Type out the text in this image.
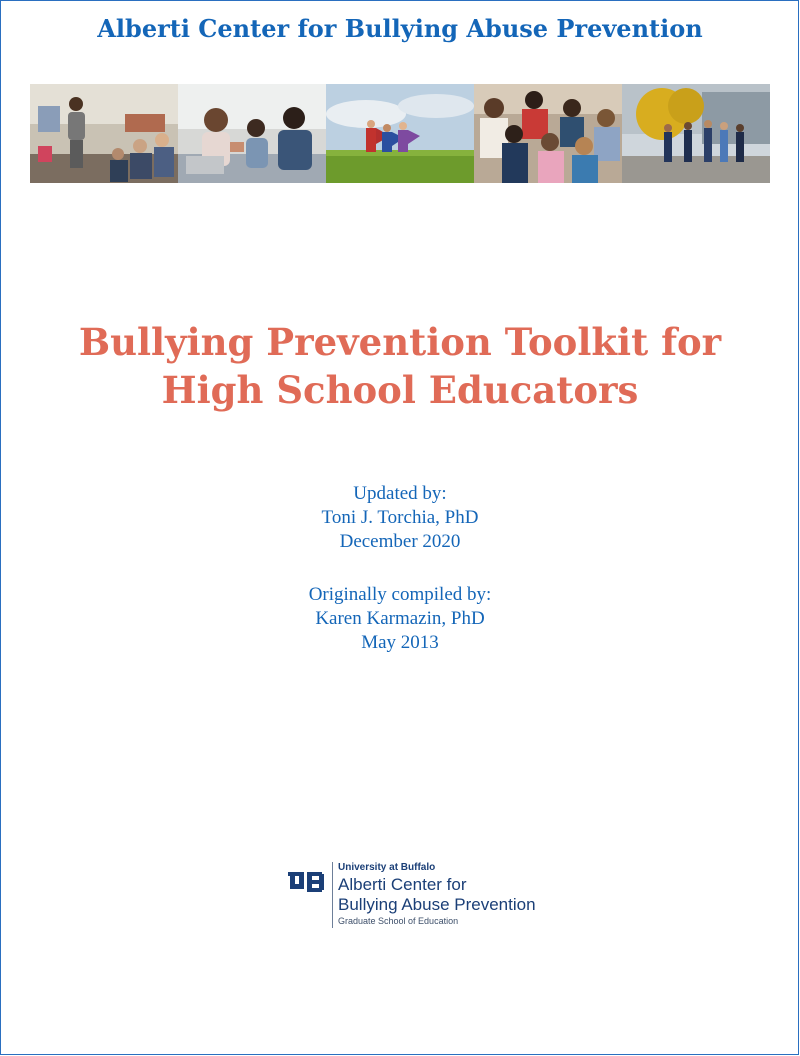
Alberti Center for Bullying Abuse Prevention
Bullying Prevention Toolkit for
High School Educators
Updated by:
Toni J. Torchia, PhD
December 2020
Originally compiled by:
Karen Karmazin, PhD
May 2013
University at Buffalo
Alberti Center for
Bullying Abuse Prevention
Graduate School of Education
